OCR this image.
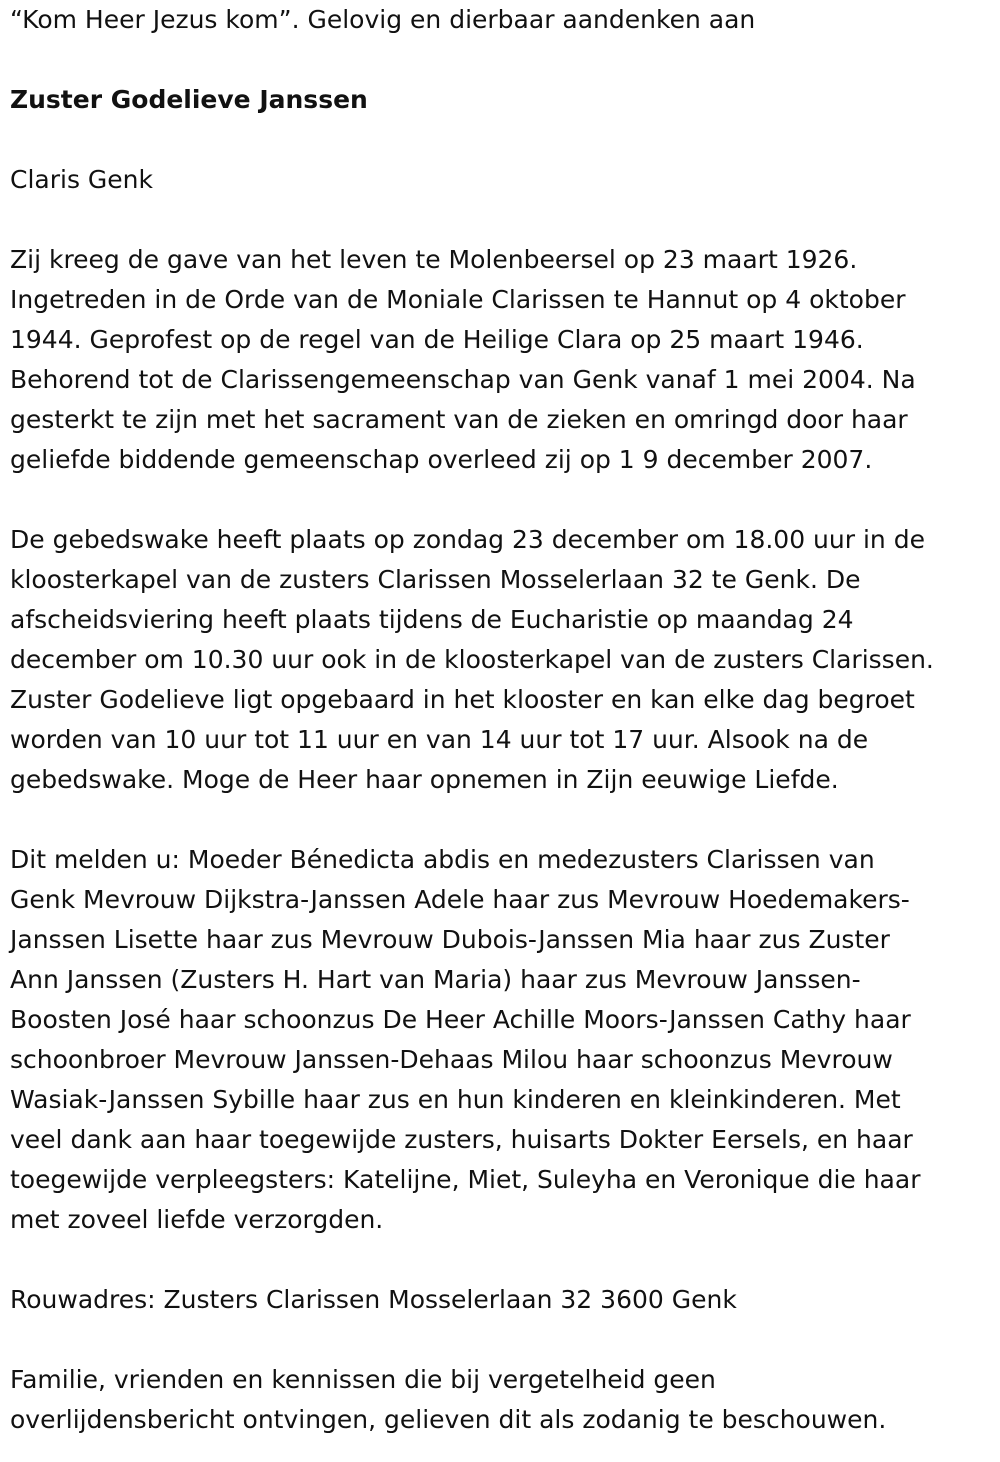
“Kom Heer Jezus kom”. Gelovig en dierbaar aandenken aan
Zuster Godelieve Janssen
Claris Genk
Zij kreeg de gave van het leven te Molenbeersel op 23 maart 1926.
Ingetreden in de Orde van de Moniale Clarissen te Hannut op 4 oktober
1944. Geprofest op de regel van de Heilige Clara op 25 maart 1946.
Behorend tot de Clarissengemeenschap van Genk vanaf 1 mei 2004. Na
gesterkt te zijn met het sacrament van de zieken en omringd door haar
geliefde biddende gemeenschap overleed zij op 1 9 december 2007.
De gebedswake heeft plaats op zondag 23 december om 18.00 uur in de
kloosterkapel van de zusters Clarissen Mosselerlaan 32 te Genk. De
afscheidsviering heeft plaats tijdens de Eucharistie op maandag 24
december om 10.30 uur ook in de kloosterkapel van de zusters Clarissen.
Zuster Godelieve ligt opgebaard in het klooster en kan elke dag begroet
worden van 10 uur tot 11 uur en van 14 uur tot 17 uur. Alsook na de
gebedswake. Moge de Heer haar opnemen in Zijn eeuwige Liefde.
Dit melden u: Moeder Bénedicta abdis en medezusters Clarissen van
Genk Mevrouw Dijkstra-Janssen Adele haar zus Mevrouw Hoedemakers-
Janssen Lisette haar zus Mevrouw Dubois-Janssen Mia haar zus Zuster
Ann Janssen (Zusters H. Hart van Maria) haar zus Mevrouw Janssen-
Boosten José haar schoonzus De Heer Achille Moors-Janssen Cathy haar
schoonbroer Mevrouw Janssen-Dehaas Milou haar schoonzus Mevrouw
Wasiak-Janssen Sybille haar zus en hun kinderen en kleinkinderen. Met
veel dank aan haar toegewijde zusters, huisarts Dokter Eersels, en haar
toegewijde verpleegsters: Katelijne, Miet, Suleyha en Veronique die haar
met zoveel liefde verzorgden.
Rouwadres: Zusters Clarissen Mosselerlaan 32 3600 Genk
Familie, vrienden en kennissen die bij vergetelheid geen
overlijdensbericht ontvingen, gelieven dit als zodanig te beschouwen.
